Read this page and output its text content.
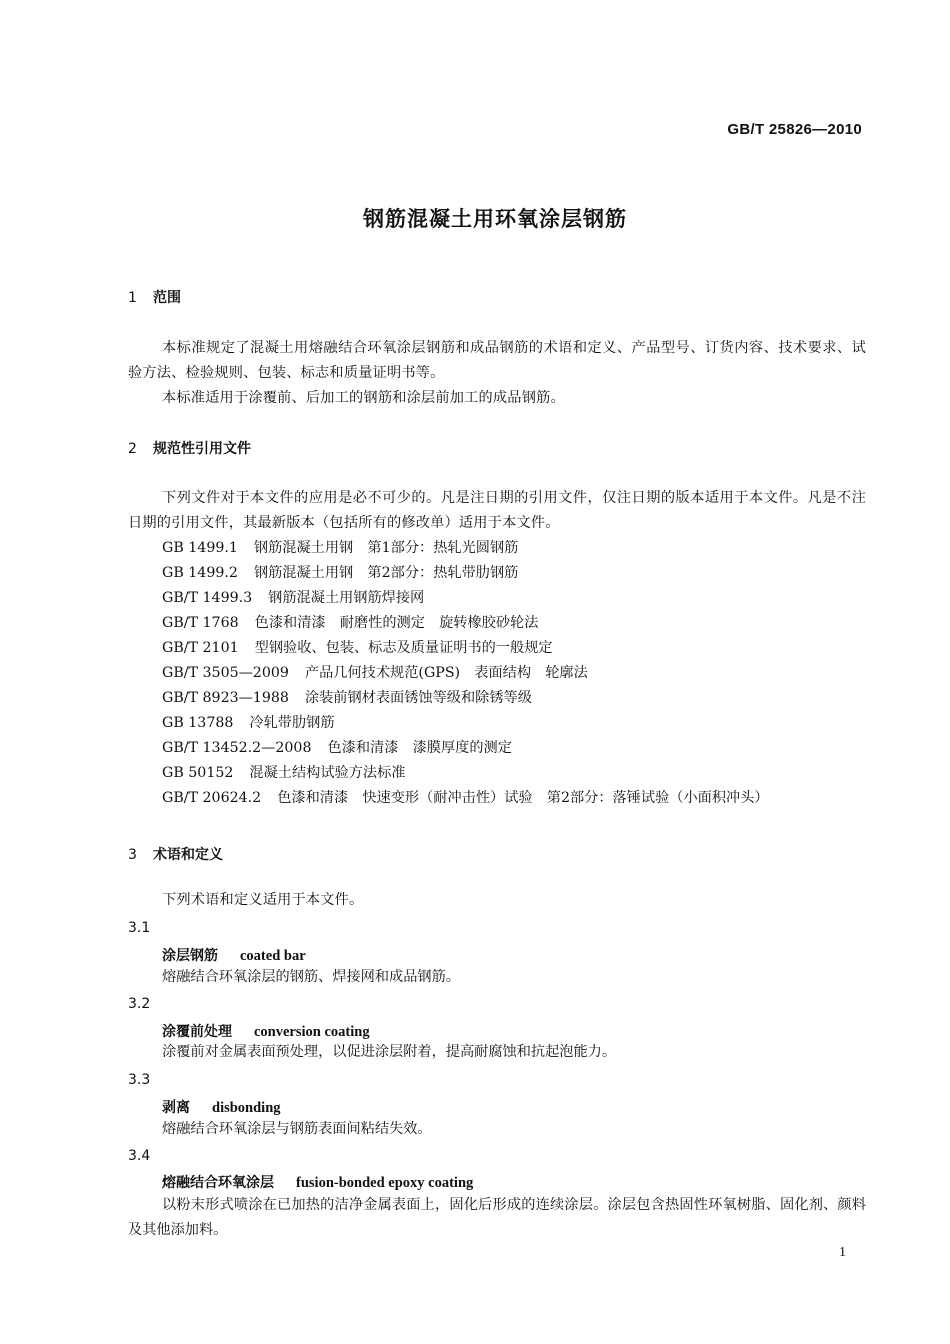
GB/T 25826—2010
钢筋混凝土用环氧涂层钢筋
1 范围
本标准规定了混凝土用熔融结合环氧涂层钢筋和成品钢筋的术语和定义、产品型号、订货内容、技术要求、试验方法、检验规则、包装、标志和质量证明书等。
本标准适用于涂覆前、后加工的钢筋和涂层前加工的成品钢筋。
2 规范性引用文件
下列文件对于本文件的应用是必不可少的。凡是注日期的引用文件，仅注日期的版本适用于本文件。凡是不注日期的引用文件，其最新版本（包括所有的修改单）适用于本文件。
GB 1499.1 钢筋混凝土用钢　第1部分：热轧光圆钢筋
GB 1499.2 钢筋混凝土用钢　第2部分：热轧带肋钢筋
GB/T 1499.3 钢筋混凝土用钢筋焊接网
GB/T 1768 色漆和清漆　耐磨性的测定　旋转橡胶砂轮法
GB/T 2101 型钢验收、包装、标志及质量证明书的一般规定
GB/T 3505—2009 产品几何技术规范(GPS)　表面结构　轮廓法
GB/T 8923—1988 涂装前钢材表面锈蚀等级和除锈等级
GB 13788 冷轧带肋钢筋
GB/T 13452.2—2008 色漆和清漆　漆膜厚度的测定
GB 50152 混凝土结构试验方法标准
GB/T 20624.2 色漆和清漆　快速变形（耐冲击性）试验　第2部分：落锤试验（小面积冲头）
3 术语和定义
下列术语和定义适用于本文件。
3.1
涂层钢筋 coated bar
熔融结合环氧涂层的钢筋、焊接网和成品钢筋。
3.2
涂覆前处理 conversion coating
涂覆前对金属表面预处理，以促进涂层附着，提高耐腐蚀和抗起泡能力。
3.3
剥离 disbonding
熔融结合环氧涂层与钢筋表面间粘结失效。
3.4
熔融结合环氧涂层 fusion-bonded epoxy coating
以粉末形式喷涂在已加热的洁净金属表面上，固化后形成的连续涂层。涂层包含热固性环氧树脂、固化剂、颜料及其他添加料。
1
